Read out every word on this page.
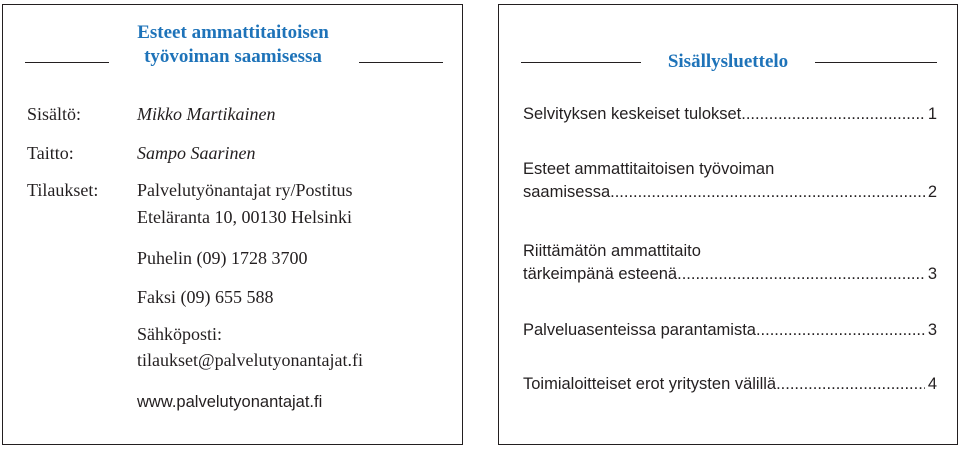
Esteet ammattitaitoisen
työvoiman saamisessa
Sisältö:	Mikko Martikainen
Taitto:	Sampo Saarinen
Tilaukset: Palvelutyönantajat ry/Postitus
Eteläranta 10, 00130 Helsinki
Puhelin (09) 1728 3700
Faksi (09) 655 588
Sähköposti:
tilaukset@palvelutyonantajat.fi
www.palvelutyonantajat.fi
Sisällysluettelo
Selvityksen keskeiset tulokset .....	1
Esteet ammattitaitoisen työvoiman
saamisessa .....	2
Riittämätön ammattitaito
tärkeimpänä esteenä .....	3
Palveluasenteissa parantamista .....	3
Toimialoitteiset erot yritysten välillä .....	4
